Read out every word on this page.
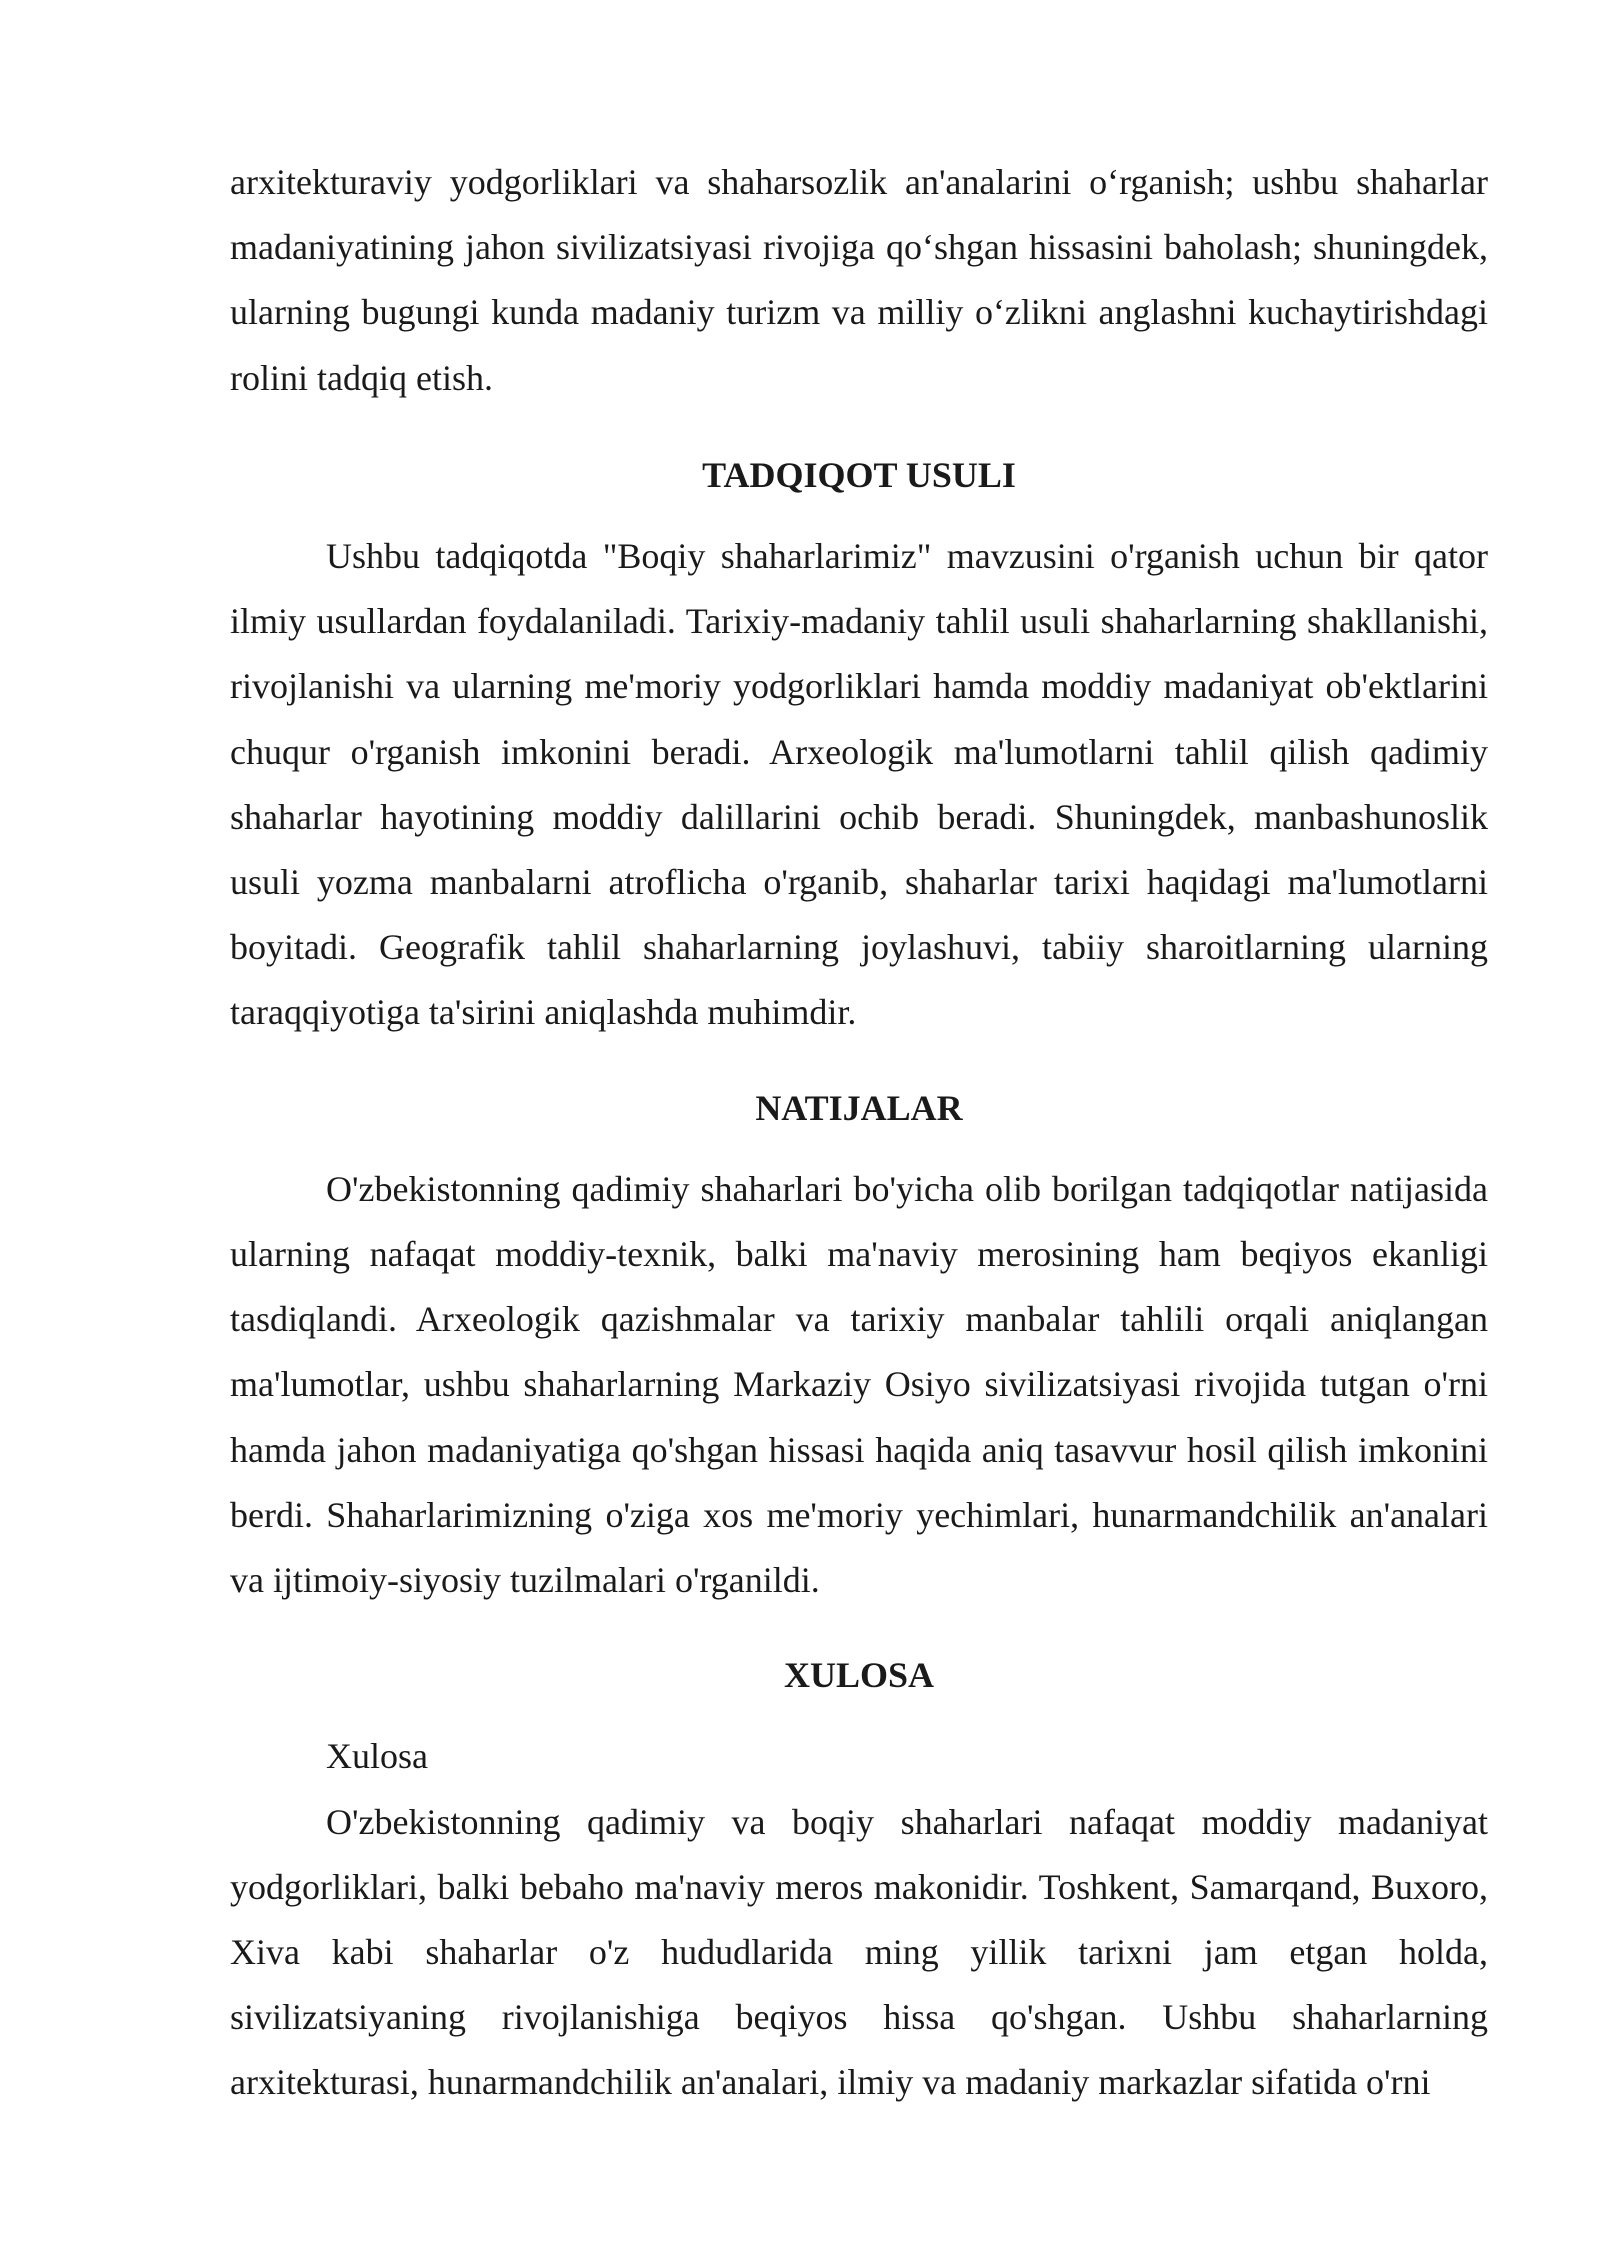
arxitekturaviy yodgorliklari va shaharsozlik an'analarini o‘rganish; ushbu shaharlar madaniyatining jahon sivilizatsiyasi rivojiga qo‘shgan hissasini baholash; shuningdek, ularning bugungi kunda madaniy turizm va milliy o‘zlikni anglashni kuchaytirishdagi rolini tadqiq etish.

TADQIQOT USULI

Ushbu tadqiqotda "Boqiy shaharlarimiz" mavzusini o'rganish uchun bir qator ilmiy usullardan foydalaniladi. Tarixiy-madaniy tahlil usuli shaharlarning shakllanishi, rivojlanishi va ularning me'moriy yodgorliklari hamda moddiy madaniyat ob'ektlarini chuqur o'rganish imkonini beradi. Arxeologik ma'lumotlarni tahlil qilish qadimiy shaharlar hayotining moddiy dalillarini ochib beradi. Shuningdek, manbashunoslik usuli yozma manbalarni atroflicha o'rganib, shaharlar tarixi haqidagi ma'lumotlarni boyitadi. Geografik tahlil shaharlarning joylashuvi, tabiiy sharoitlarning ularning taraqqiyotiga ta'sirini aniqlashda muhimdir.

NATIJALAR

O'zbekistonning qadimiy shaharlari bo'yicha olib borilgan tadqiqotlar natijasida ularning nafaqat moddiy-texnik, balki ma'naviy merosining ham beqiyos ekanligi tasdiqlandi. Arxeologik qazishmalar va tarixiy manbalar tahlili orqali aniqlangan ma'lumotlar, ushbu shaharlarning Markaziy Osiyo sivilizatsiyasi rivojida tutgan o'rni hamda jahon madaniyatiga qo'shgan hissasi haqida aniq tasavvur hosil qilish imkonini berdi. Shaharlarimizning o'ziga xos me'moriy yechimlari, hunarmandchilik an'analari va ijtimoiy-siyosiy tuzilmalari o'rganildi.

XULOSA

Xulosa

O'zbekistonning qadimiy va boqiy shaharlari nafaqat moddiy madaniyat yodgorliklari, balki bebaho ma'naviy meros makonidir. Toshkent, Samarqand, Buxoro, Xiva kabi shaharlar o'z hududlarida ming yillik tarixni jam etgan holda, sivilizatsiyaning rivojlanishiga beqiyos hissa qo'shgan. Ushbu shaharlarning arxitekturasi, hunarmandchilik an'analari, ilmiy va madaniy markazlar sifatida o'rni
